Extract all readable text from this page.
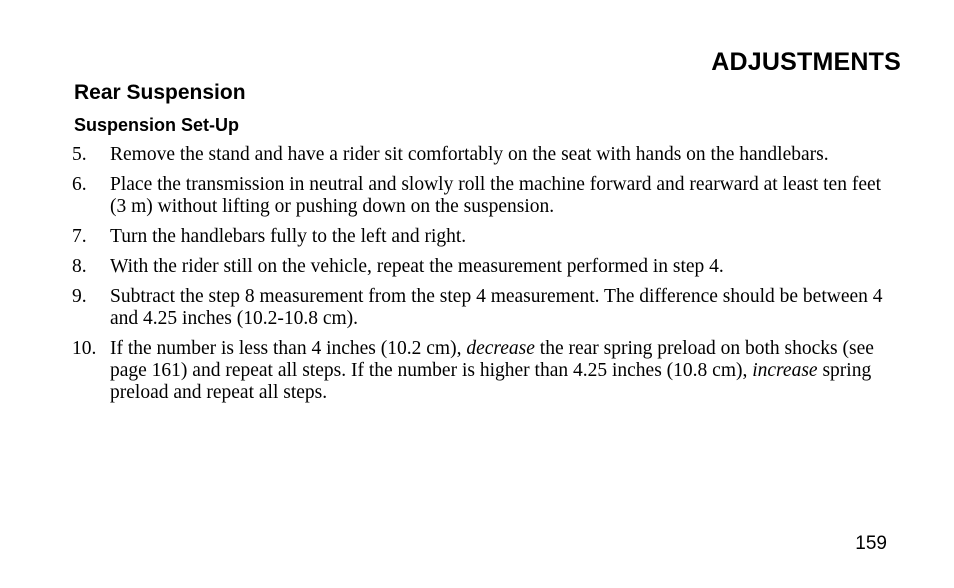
ADJUSTMENTS
Rear Suspension
Suspension Set-Up
5. Remove the stand and have a rider sit comfortably on the seat with hands on the handlebars.
6. Place the transmission in neutral and slowly roll the machine forward and rearward at least ten feet (3 m) without lifting or pushing down on the suspension.
7. Turn the handlebars fully to the left and right.
8. With the rider still on the vehicle, repeat the measurement performed in step 4.
9. Subtract the step 8 measurement from the step 4 measurement. The difference should be between 4 and 4.25 inches (10.2-10.8 cm).
10. If the number is less than 4 inches (10.2 cm), decrease the rear spring preload on both shocks (see page 161) and repeat all steps. If the number is higher than 4.25 inches (10.8 cm), increase spring preload and repeat all steps.
159
